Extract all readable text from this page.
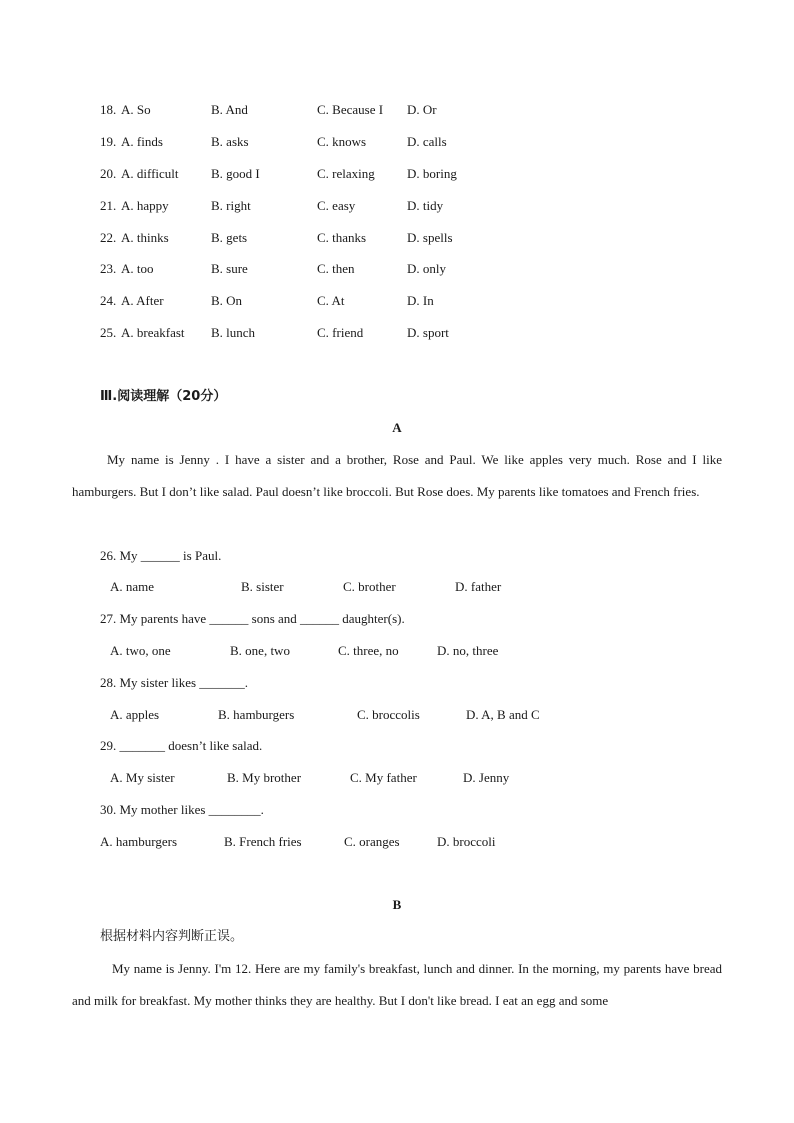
18. A. So	B. And	C. Because I D. Or
19. A. finds	B. asks	C. knows	D. calls
20. A. difficult B. good I	C. relaxing D. boring
21. A. happy	B. right	C. easy	D. tidy
22. A. thinks	B. gets	C. thanks	D. spells
23. A. too	B. sure	C. then	D. only
24. A. After	B. On	C. At	D. In
25. A. breakfast B. lunch	C. friend	D. sport
Ⅲ.阅读理解（20分）
A
My name is Jenny . I have a sister and a brother, Rose and Paul. We like apples very much. Rose and I like hamburgers. But I don’t like salad. Paul doesn’t like broccoli. But Rose does. My parents like tomatoes and French fries.
26. My ______ is Paul.
A. name	B. sister	C. brother	D. father
27. My parents have ______ sons and ______ daughter(s).
A. two, one	B. one, two	C. three, no	D. no, three
28. My sister likes _______.
A. apples	B. hamburgers	C. broccolis	D. A, B and C
29. _______ doesn’t like salad.
A. My sister	B. My brother	C. My father	D. Jenny
30. My mother likes ________.
A. hamburgers	B. French fries	C. oranges	D. broccoli
B
根据材料内容判断正误。
My name is Jenny. I'm 12. Here are my family's breakfast, lunch and dinner. In the morning, my parents have bread and milk for breakfast. My mother thinks they are healthy. But I don't like bread. I eat an egg and some
